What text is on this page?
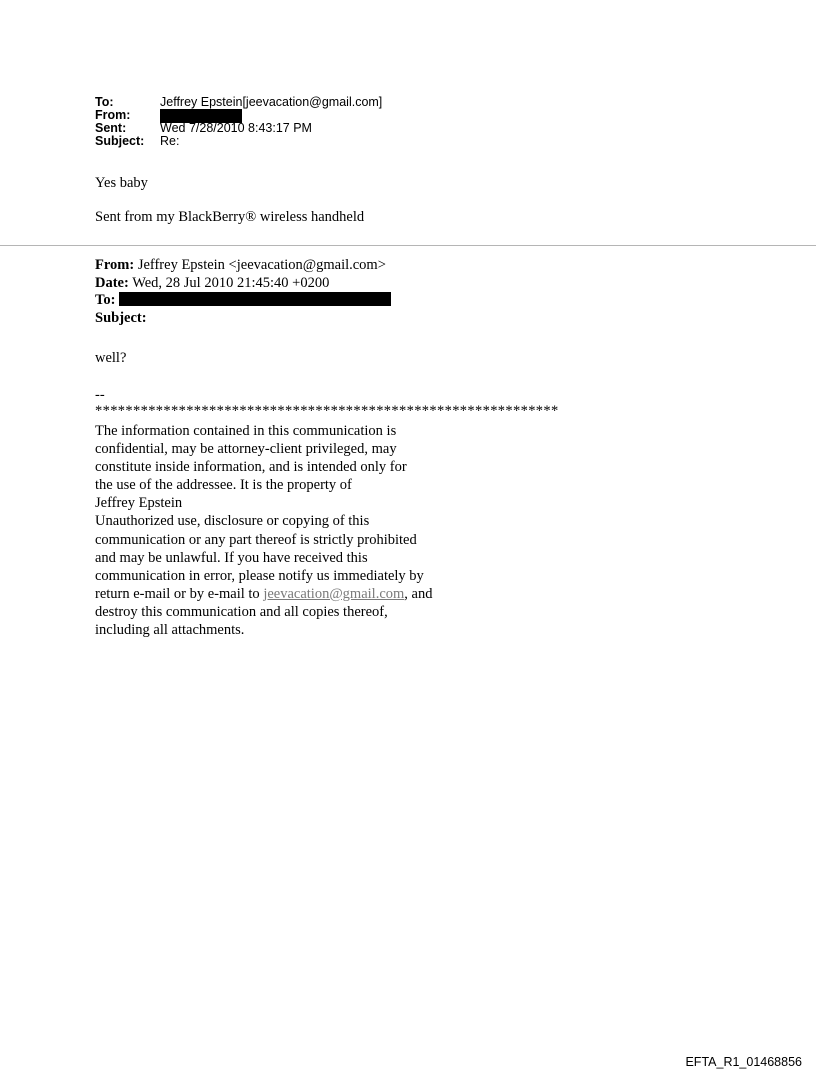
To:	Jeffrey Epstein[jeevacation@gmail.com]
From:
Sent:	Wed 7/28/2010 8:43:17 PM
Subject:	Re:
Yes baby
Sent from my BlackBerry® wireless handheld
From: Jeffrey Epstein <jeevacation@gmail.com>
Date: Wed, 28 Jul 2010 21:45:40 +0200
To:
Subject:
well?
--
*************************************************************
The information contained in this communication is
confidential, may be attorney-client privileged, may
constitute inside information, and is intended only for
the use of the addressee. It is the property of
Jeffrey Epstein
Unauthorized use, disclosure or copying of this
communication or any part thereof is strictly prohibited
and may be unlawful. If you have received this
communication in error, please notify us immediately by
return e-mail or by e-mail to jeevacation@gmail.com, and
destroy this communication and all copies thereof,
including all attachments.
EFTA_R1_01468856
